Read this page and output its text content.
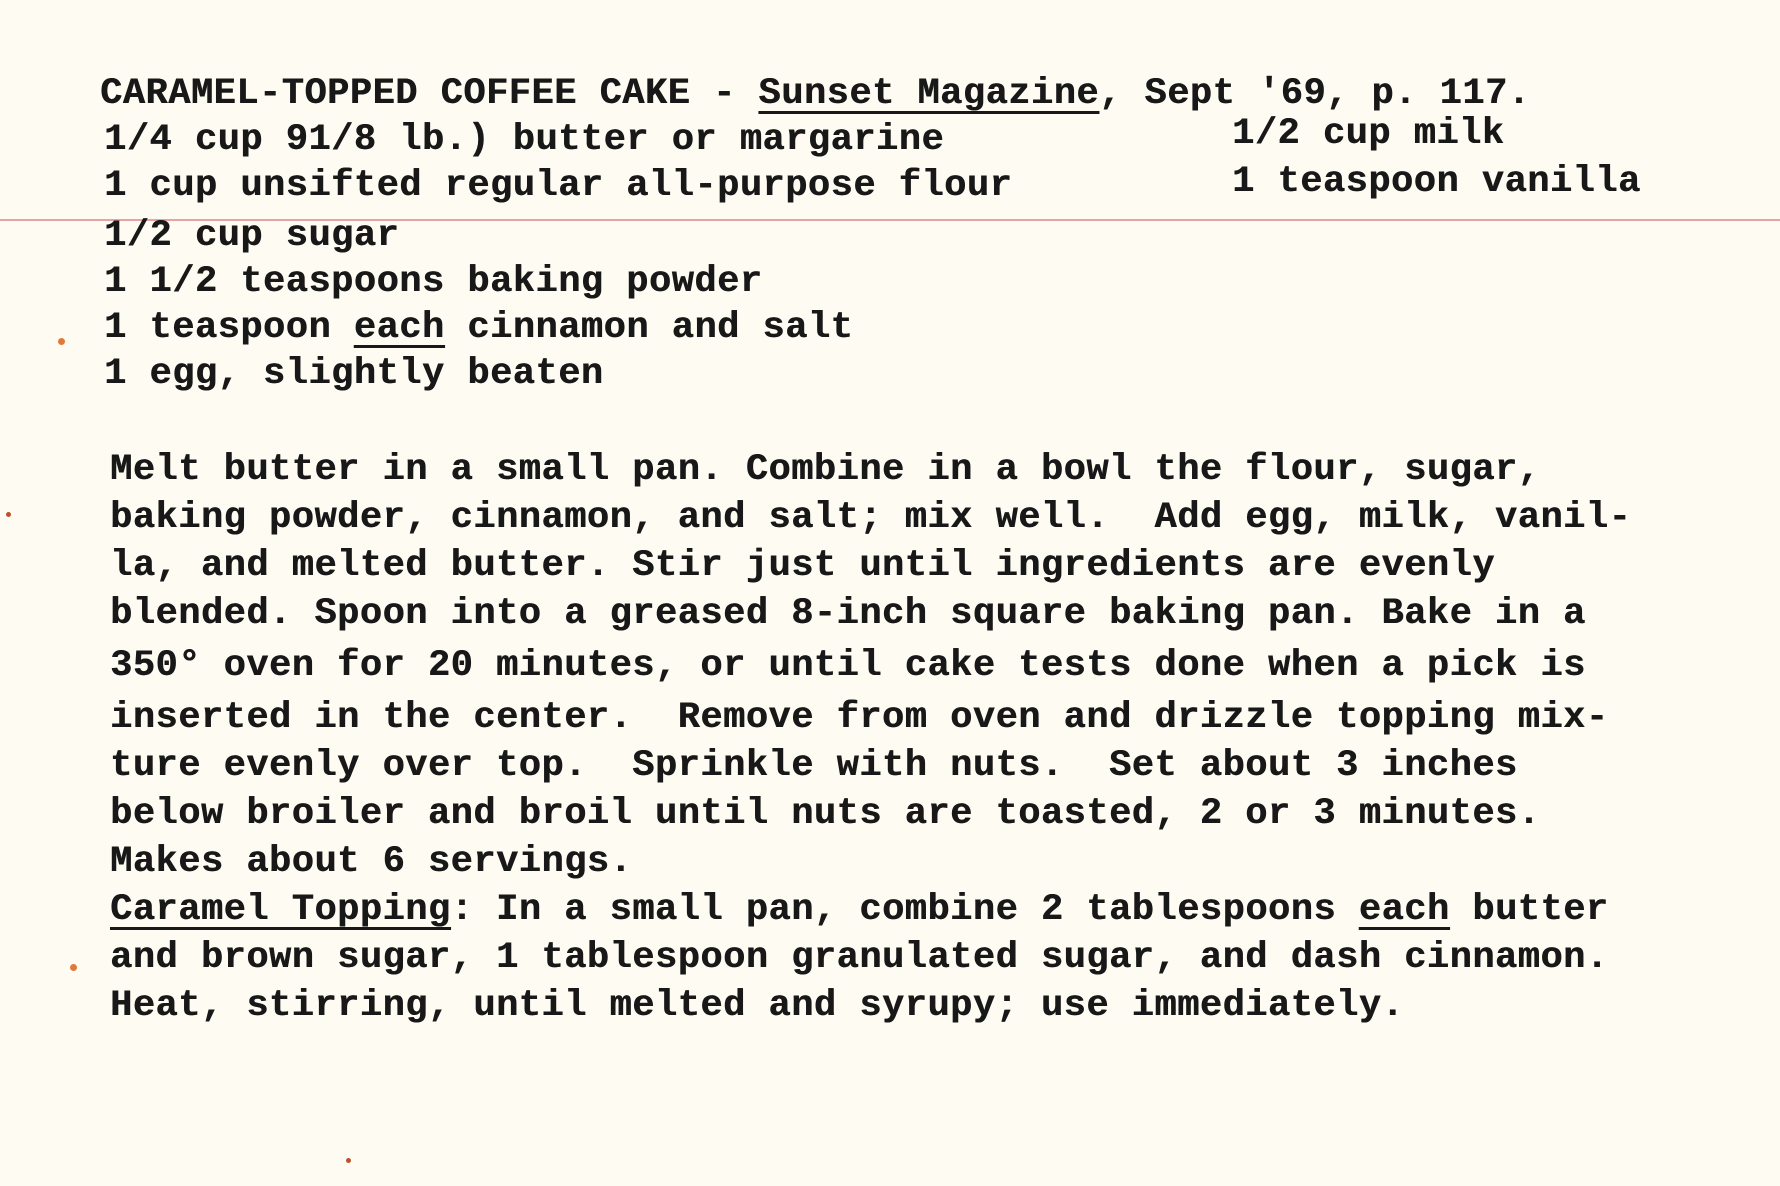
CARAMEL-TOPPED COFFEE CAKE - Sunset Magazine, Sept '69, p. 117.
1/4 cup 91/8 lb.) butter or margarine
1 cup unsifted regular all-purpose flour
1/2 cup sugar
1 1/2 teaspoons baking powder
1 teaspoon each cinnamon and salt
1 egg, slightly beaten
1/2 cup milk
1 teaspoon vanilla
Melt butter in a small pan. Combine in a bowl the flour, sugar,
baking powder, cinnamon, and salt; mix well.  Add egg, milk, vanil-
la, and melted butter. Stir just until ingredients are evenly
blended. Spoon into a greased 8-inch square baking pan. Bake in a
350° oven for 20 minutes, or until cake tests done when a pick is
inserted in the center.  Remove from oven and drizzle topping mix-
ture evenly over top.  Sprinkle with nuts.  Set about 3 inches
below broiler and broil until nuts are toasted, 2 or 3 minutes.
Makes about 6 servings.
Caramel Topping: In a small pan, combine 2 tablespoons each butter
and brown sugar, 1 tablespoon granulated sugar, and dash cinnamon.
Heat, stirring, until melted and syrupy; use immediately.
